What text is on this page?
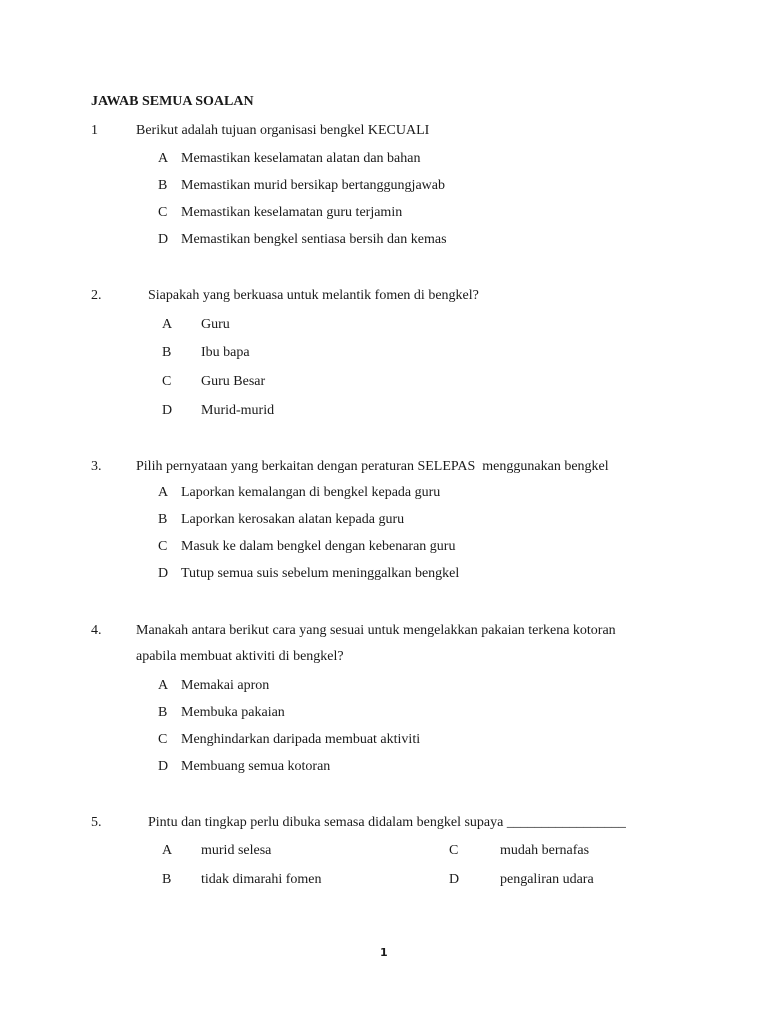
JAWAB SEMUA SOALAN
1	Berikut adalah tujuan organisasi bengkel KECUALI
A Memastikan keselamatan alatan dan bahan
B Memastikan murid bersikap bertanggungjawab
C Memastikan keselamatan guru terjamin
D Memastikan bengkel sentiasa bersih dan kemas
2.	Siapakah yang berkuasa untuk melantik fomen di bengkel?
A Guru
B Ibu bapa
C Guru Besar
D Murid-murid
3. Pilih pernyataan yang berkaitan dengan peraturan SELEPAS  menggunakan bengkel
A Laporkan kemalangan di bengkel kepada guru
B Laporkan kerosakan alatan kepada guru
C Masuk ke dalam bengkel dengan kebenaran guru
D Tutup semua suis sebelum meninggalkan bengkel
4. Manakah antara berikut cara yang sesuai untuk mengelakkan pakaian terkena kotoran
apabila membuat aktiviti di bengkel?
A Memakai apron
B Membuka pakaian
C Menghindarkan daripada membuat aktiviti
D Membuang semua kotoran
5.	Pintu dan tingkap perlu dibuka semasa didalam bengkel supaya _________________
A murid selesa
B tidak dimarahi fomen
C	mudah bernafas
D	pengaliran udara
1
